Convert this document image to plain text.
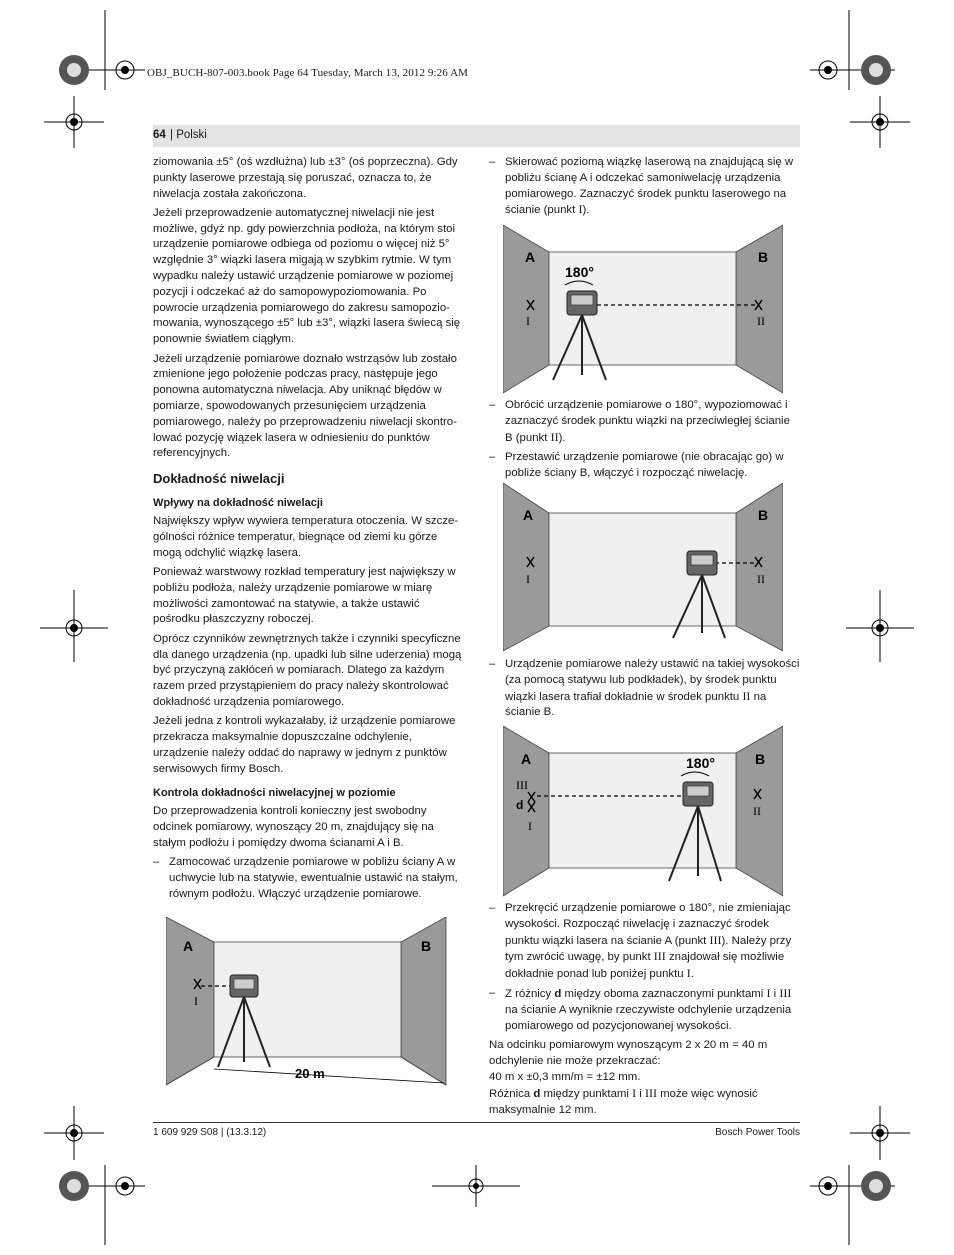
OBJ_BUCH-807-003.book Page 64 Tuesday, March 13, 2012 9:26 AM
64 | Polski

ziomowania ±5° (oś wzdłużna) lub ±3° (oś poprzeczna). Gdy punkty laserowe przestają się poruszać, oznacza to, że niwelacja została zakończona.

Jeżeli przeprowadzenie automatycznej niwelacji nie jest możliwe, gdyż np. gdy powierzchnia podłoża, na którym stoi urządzenie pomiarowe odbiega od poziomu o więcej niż 5° względnie 3° wiązki lasera migają w szybkim rytmie. W tym wypadku należy ustawić urządzenie pomiarowe w poziomej pozycji i odczekać aż do samopowypoziomowania. Po powrocie urządzenia pomiarowego do zakresu samopoziomowania, wynoszącego ±5° lub ±3°, wiązki lasera świecą się ponownie światłem ciągłym.

Jeżeli urządzenie pomiarowe doznało wstrząsów lub zostało zmienione jego położenie podczas pracy, następuje jego ponowna automatyczna niwelacja. Aby uniknąć błędów w pomiarze, spowodowanych przesunięciem urządzenia pomiarowego, należy po przeprowadzeniu niwelacji skontrolować pozycję wiązek lasera w odniesieniu do punktów referencyjnych.

Dokładność niwelacji
Wpływy na dokładność niwelacji

Największy wpływ wywiera temperatura otoczenia. W szczególności różnice temperatur, biegnące od ziemi ku górze mogą odchylić wiązkę lasera.

Ponieważ warstwowy rozkład temperatury jest największy w pobliżu podłoża, należy urządzenie pomiarowe w miarę możliwości zamontować na statywie, a także ustawić pośrodku płaszczyzny roboczej.

Oprócz czynników zewnętrznych także i czynniki specyficzne dla danego urządzenia (np. upadki lub silne uderzenia) mogą być przyczyną zakłóceń w pomiarach. Dlatego za każdym razem przed przystąpieniem do pracy należy skontrolować dokładność urządzenia pomiarowego.

Jeżeli jedna z kontroli wykazałaby, iż urządzenie pomiarowe przekracza maksymalnie dopuszczalne odchylenie, urządzenie należy oddać do naprawy w jednym z punktów serwisowych firmy Bosch.

Kontrola dokładności niwelacyjnej w poziomie

Do przeprowadzenia kontroli konieczny jest swobodny odcinek pomiarowy, wynoszący 20 m, znajdujący się na stałym podłożu i pomiędzy dwoma ścianami A i B.

– Zamocować urządzenie pomiarowe w pobliżu ściany A w uchwycie lub na statywie, ewentualnie ustawić na stałym, równym podłożu. Włączyć urządzenie pomiarowe.
– Skierować poziomą wiązkę laserową na znajdującą się w pobliżu ścianę A i odczekać samoniwelację urządzenia pomiarowego. Zaznaczyć środek punktu laserowego na ścianie (punkt I).
– Obrócić urządzenie pomiarowe o 180°, wypoziomować i zaznaczyć środek punktu wiązki na przeciwległej ścianie B (punkt II).
– Przestawić urządzenie pomiarowe (nie obracając go) w pobliże ściany B, włączyć i rozpocząć niwelację.
– Urządzenie pomiarowe należy ustawić na takiej wysokości (za pomocą statywu lub podkładek), by środek punktu wiązki lasera trafiał dokładnie w środek punktu II na ścianie B.
– Przekręcić urządzenie pomiarowe o 180°, nie zmieniając wysokości. Rozpocząć niwelację i zaznaczyć środek punktu wiązki lasera na ścianie A (punkt III). Należy przy tym zwrócić uwagę, by punkt III znajdował się możliwie dokładnie ponad lub poniżej punktu I.
– Z różnicy d między oboma zaznaczonymi punktami I i III na ścianie A wyniknie rzeczywiste odchylenie urządzenia pomiarowego od pozycjonowanej wysokości.

Na odcinku pomiarowym wynoszącym 2 x 20 m = 40 m odchylenie nie może przekraczać:

40 m x ±0,3 mm/m = ±12 mm.

Różnica d między punktami I i III może więc wynosić maksymalnie 12 mm.

A	B
I
20 m
A	B
180°
I	II
A	B
I	II
A	B
180°
III
d
I
II
1 609 929 S08 | (13.3.12)	Bosch Power Tools
